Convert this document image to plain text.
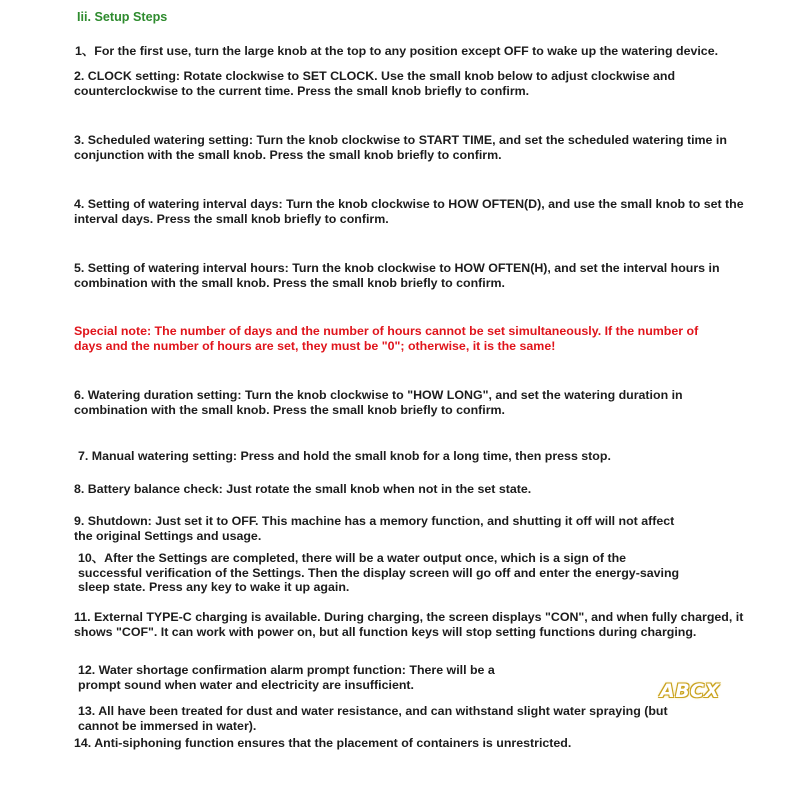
Iii. Setup Steps
1、For the first use, turn the large knob at the top to any position except OFF to wake up the watering device.
2. CLOCK setting: Rotate clockwise to SET CLOCK. Use the small knob below to adjust clockwise and
counterclockwise to the current time. Press the small knob briefly to confirm.
3. Scheduled watering setting: Turn the knob clockwise to START TIME, and set the scheduled watering time in
conjunction with the small knob. Press the small knob briefly to confirm.
4. Setting of watering interval days: Turn the knob clockwise to HOW OFTEN(D), and use the small knob to set the
interval days. Press the small knob briefly to confirm.
5. Setting of watering interval hours: Turn the knob clockwise to HOW OFTEN(H), and set the interval hours in
combination with the small knob. Press the small knob briefly to confirm.
Special note: The number of days and the number of hours cannot be set simultaneously. If the number of
days and the number of hours are set, they must be "0"; otherwise, it is the same!
6. Watering duration setting: Turn the knob clockwise to "HOW LONG", and set the watering duration in
combination with the small knob. Press the small knob briefly to confirm.
7. Manual watering setting: Press and hold the small knob for a long time, then press stop.
8. Battery balance check: Just rotate the small knob when not in the set state.
9. Shutdown: Just set it to OFF. This machine has a memory function, and shutting it off will not affect
the original Settings and usage.
10、After the Settings are completed, there will be a water output once, which is a sign of the
successful verification of the Settings. Then the display screen will go off and enter the energy-saving
sleep state. Press any key to wake it up again.
11. External TYPE-C charging is available. During charging, the screen displays "CON", and when fully charged, it
shows "COF". It can work with power on, but all function keys will stop setting functions during charging.
12. Water shortage confirmation alarm prompt function: There will be a
prompt sound when water and electricity are insufficient.
13. All have been treated for dust and water resistance, and can withstand slight water spraying (but
cannot be immersed in water).
14. Anti-siphoning function ensures that the placement of containers is unrestricted.
ABCX
